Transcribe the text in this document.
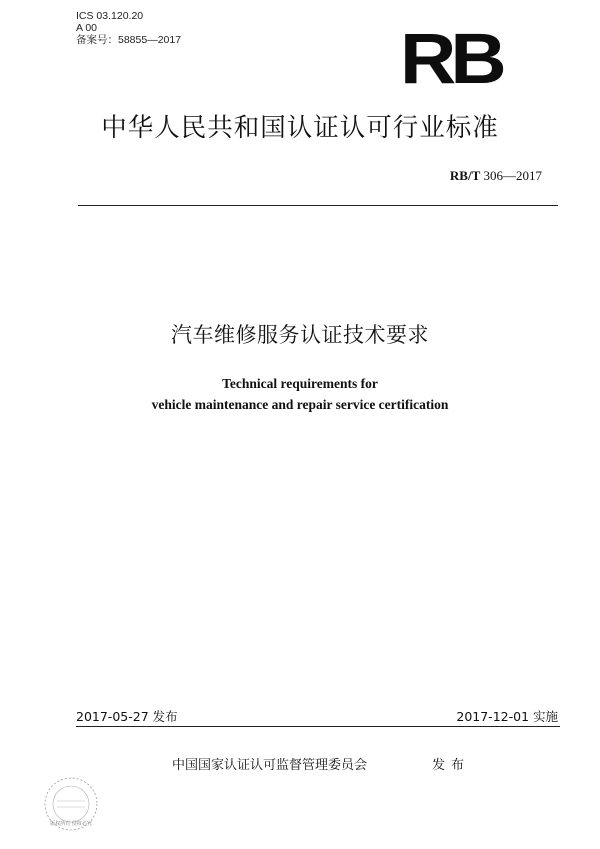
ICS 03.120.20
A 00
备案号：58855—2017	RB
中华人民共和国认证认可行业标准
RB/T 306—2017
汽车维修服务认证技术要求
Technical requirements for
vehicle maintenance and repair service certification
2017-05-27 发布	2017-12-01 实施
中国国家认证认可监督管理委员会	发布
版权所有 侵权必究
